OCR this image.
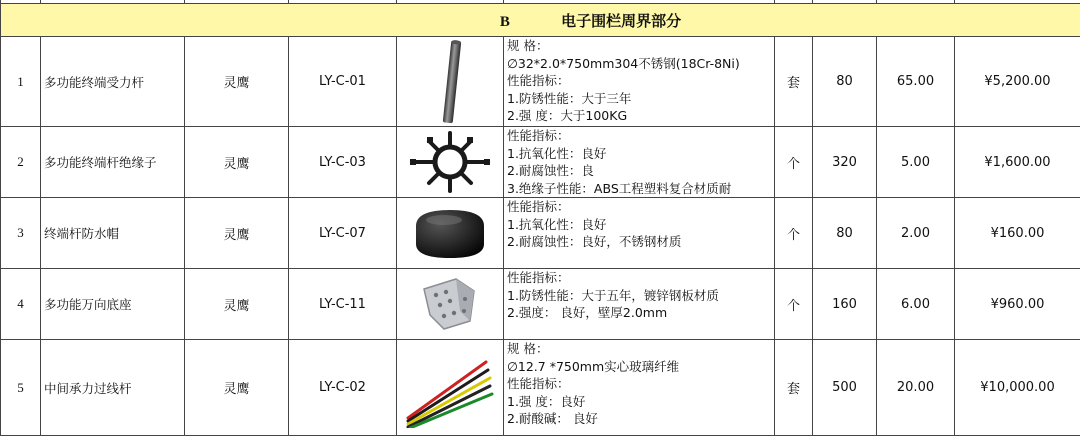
B 电子围栏周界部分										
1	多功能终端受力杆	灵鹰	LY-C-01		规 格：
∅32*2.0*750mm304不锈钢(18Cr-8Ni)
性能指标：
1.防锈性能：大于三年
2.强 度：大于100KG	套	80	65.00	¥5,200.00	
2	多功能终端杆绝缘子	灵鹰	LY-C-03		性能指标：
1.抗氧化性：良好
2.耐腐蚀性：良
3.绝缘子性能：ABS工程塑料复合材质耐	个	320	5.00	¥1,600.00	
3	终端杆防水帽	灵鹰	LY-C-07		性能指标：
1.抗氧化性：良好
2.耐腐蚀性：良好，不锈钢材质	个	80	2.00	¥160.00	
4	多功能万向底座	灵鹰	LY-C-11		性能指标：
1.防锈性能：大于五年，镀锌钢板材质
2.强度： 良好，壁厚2.0mm	个	160	6.00	¥960.00	
5	中间承力过线杆	灵鹰	LY-C-02		规 格：
∅12.7 *750mm实心玻璃纤维
性能指标：
1.强 度：良好
2.耐酸碱： 良好	套	500	20.00	¥10,000.00	
